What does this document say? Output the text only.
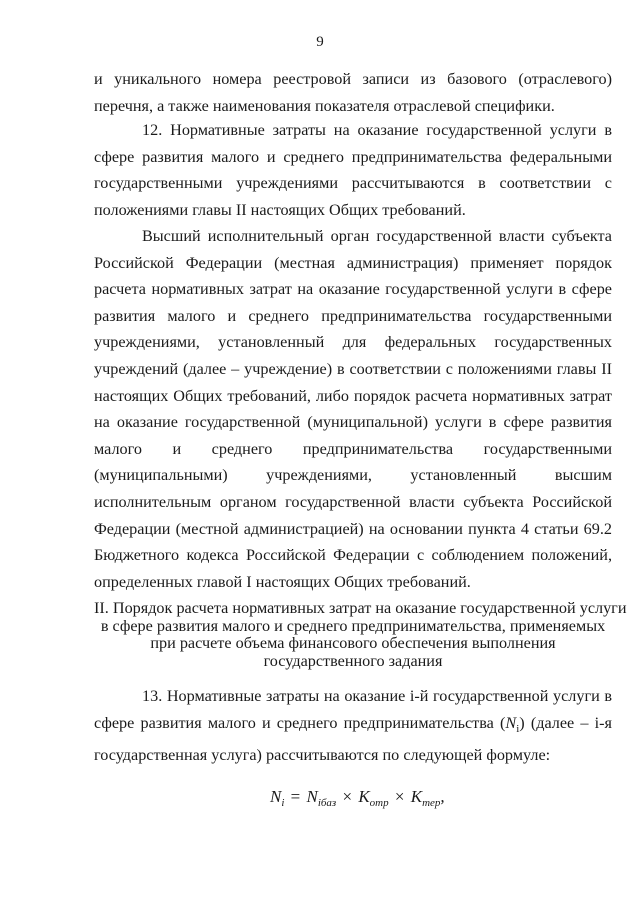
9

и уникального номера реестровой записи из базового (отраслевого) перечня, а также наименования показателя отраслевой специфики.

12. Нормативные затраты на оказание государственной услуги в сфере развития малого и среднего предпринимательства федеральными государственными учреждениями рассчитываются в соответствии с положениями главы II настоящих Общих требований.

Высший исполнительный орган государственной власти субъекта Российской Федерации (местная администрация) применяет порядок расчета нормативных затрат на оказание государственной услуги в сфере развития малого и среднего предпринимательства государственными учреждениями, установленный для федеральных государственных учреждений (далее – учреждение) в соответствии с положениями главы II настоящих Общих требований, либо порядок расчета нормативных затрат на оказание государственной (муниципальной) услуги в сфере развития малого и среднего предпринимательства государственными (муниципальными) учреждениями, установленный высшим исполнительным органом государственной власти субъекта Российской Федерации (местной администрацией) на основании пункта 4 статьи 69.2 Бюджетного кодекса Российской Федерации с соблюдением положений, определенных главой I настоящих Общих требований.

II. Порядок расчета нормативных затрат на оказание государственной услуги
в сфере развития малого и среднего предпринимательства, применяемых
при расчете объема финансового обеспечения выполнения
государственного задания

13. Нормативные затраты на оказание i-й государственной услуги в сфере развития малого и среднего предпринимательства $(N_i)$ (далее – i-я государственная услуга) рассчитываются по следующей формуле:

$N_i = N_{iбаз} \times K_{отр} \times K_{тер}$,
